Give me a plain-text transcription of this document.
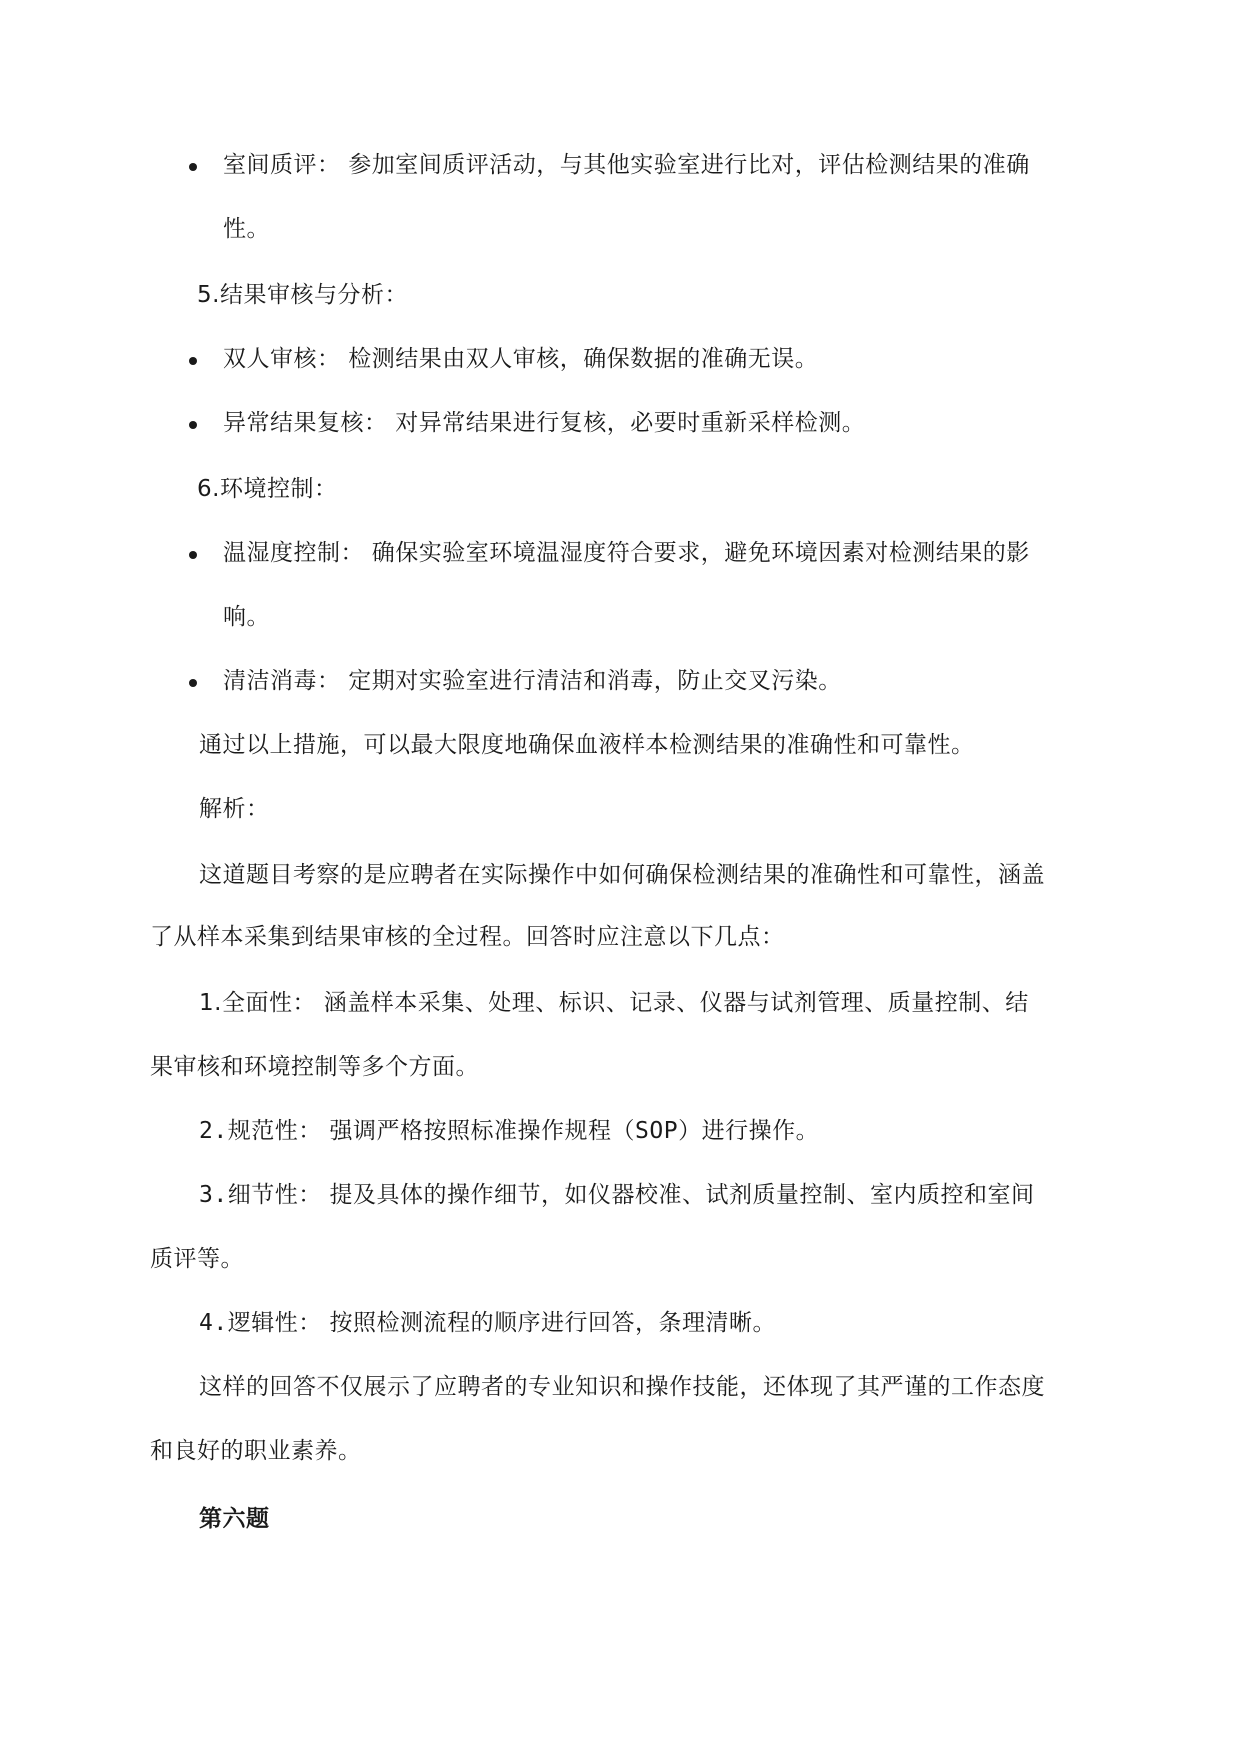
室间质评： 参加室间质评活动，与其他实验室进行比对，评估检测结果的准确
性。
5.结果审核与分析：
双人审核： 检测结果由双人审核，确保数据的准确无误。
异常结果复核： 对异常结果进行复核，必要时重新采样检测。
6.环境控制：
温湿度控制： 确保实验室环境温湿度符合要求，避免环境因素对检测结果的影
响。
清洁消毒： 定期对实验室进行清洁和消毒，防止交叉污染。
通过以上措施，可以最大限度地确保血液样本检测结果的准确性和可靠性。
解析：
这道题目考察的是应聘者在实际操作中如何确保检测结果的准确性和可靠性，涵盖
了从样本采集到结果审核的全过程。回答时应注意以下几点：
1.全面性： 涵盖样本采集、处理、标识、记录、仪器与试剂管理、质量控制、结
果审核和环境控制等多个方面。
2.规范性： 强调严格按照标准操作规程（SOP）进行操作。
3.细节性： 提及具体的操作细节，如仪器校准、试剂质量控制、室内质控和室间
质评等。
4.逻辑性： 按照检测流程的顺序进行回答，条理清晰。
这样的回答不仅展示了应聘者的专业知识和操作技能，还体现了其严谨的工作态度
和良好的职业素养。
第六题
